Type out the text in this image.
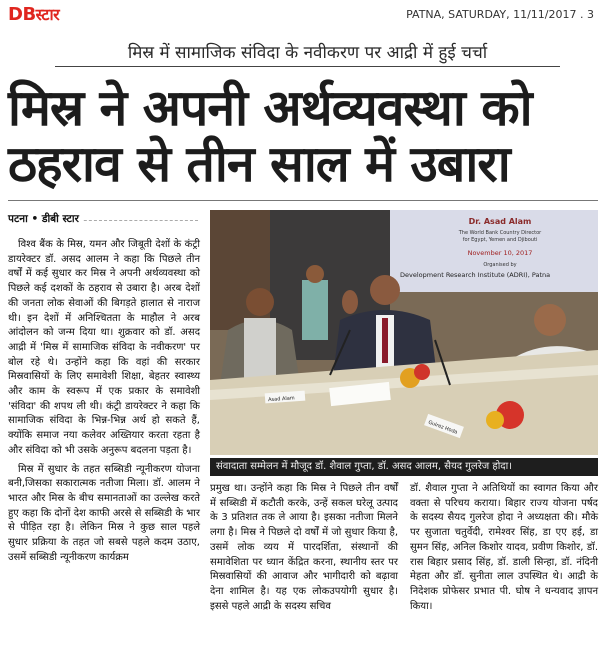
DBस्टार	PATNA, SATURDAY, 11/11/2017 . 3
मिस्र में सामाजिक संविदा के नवीकरण पर आद्री में हुई चर्चा
मिस्र ने अपनी अर्थव्यवस्था को
ठहराव से तीन साल में उबारा
पटना • डीबी स्टार

विश्व बैंक के मिस्र, यमन और जिबूती देशों के कंट्री डायरेक्टर डॉ. असद आलम ने कहा कि पिछले तीन वर्षों में कई सुधार कर मिस्र ने अपनी अर्थव्यवस्था को पिछले कई दशकों के ठहराव से उबारा है। अरब देशों की जनता लोक सेवाओं की बिगड़ते हालात से नाराज थी। इन देशों में अनिश्चितता के माहौल ने अरब आंदोलन को जन्म दिया था। शुक्रवार को डॉ. असद आद्री में 'मिस्र में सामाजिक संविदा के नवीकरण' पर बोल रहे थे। उन्होंने कहा कि वहां की सरकार मिस्रवासियों के लिए समावेशी शिक्षा, बेहतर स्वास्थ्य और काम के स्वरूप में एक प्रकार के समावेशी 'संविदा' की शपथ ली थी। कंट्री डायरेक्टर ने कहा कि सामाजिक संविदा के भिन्न-भिन्न अर्थ हो सकते हैं, क्योंकि समाज नया कलेवर अख्तियार करता रहता है और संविदा को भी उसके अनुरूप बदलना पड़ता है।

मिस्र में सुधार के तहत सब्सिडी न्यूनीकरण योजना बनी,जिसका सकारात्मक नतीजा मिला। डॉ. आलम ने भारत और मिस्र के बीच समानताओं का उल्लेख करते हुए कहा कि दोनों देश काफी अरसे से सब्सिडी के भार से पीड़ित रहा है। लेकिन मिस्र ने कुछ साल पहले सुधार प्रक्रिया के तहत जो सबसे पहले कदम उठाए, उसमें सब्सिडी न्यूनीकरण कार्यक्रम

Dr. Asad Alam
The World Bank Country Director
for Egypt, Yemen and Djibouti
November 10, 2017
Organised by
Development Research Institute (ADRI), Patna
Asad Alam
Gulrez Hoda
संवादाता सम्मेलन में मौजूद डॉ. शैवाल गुप्ता, डॉ. असद आलम, सैयद गुलरेज होदा।

प्रमुख था। उन्होंने कहा कि मिस्र ने पिछले तीन वर्षों में सब्सिडी में कटौती करके, उन्हें सकल घरेलू उत्पाद के 3 प्रतिशत तक ले आया है। इसका नतीजा मिलने लगा है। मिस्र ने पिछले दो वर्षों में जो सुधार किया है, उसमें लोक व्यय में पारदर्शिता, संस्थानों की समावेशिता पर ध्यान केंद्रित करना, स्थानीय स्तर पर मिस्रवासियों की आवाज और भागीदारी को बढ़ावा देना शामिल है। यह एक लोकउपयोगी सुधार है। इससे पहले आद्री के सदस्य सचिव

डॉ. शैवाल गुप्ता ने अतिथियों का स्वागत किया और वक्ता से परिचय कराया। बिहार राज्य योजना पर्षद के सदस्य सैयद गुलरेज होदा ने अध्यक्षता की। मौके पर सुजाता चतुर्वेदी, रामेश्वर सिंह, डा एए हई, डा सुमन सिंह, अनिल किशोर यादव, प्रवीण किशोर, डॉ. रास बिहार प्रसाद सिंह, डॉ. डाली सिन्हा, डॉ. नंदिनी मेहता और डॉ. सुनीता लाल उपस्थित थे। आद्री के निदेशक प्रोफेसर प्रभात पी. घोष ने धन्यवाद ज्ञापन किया।
